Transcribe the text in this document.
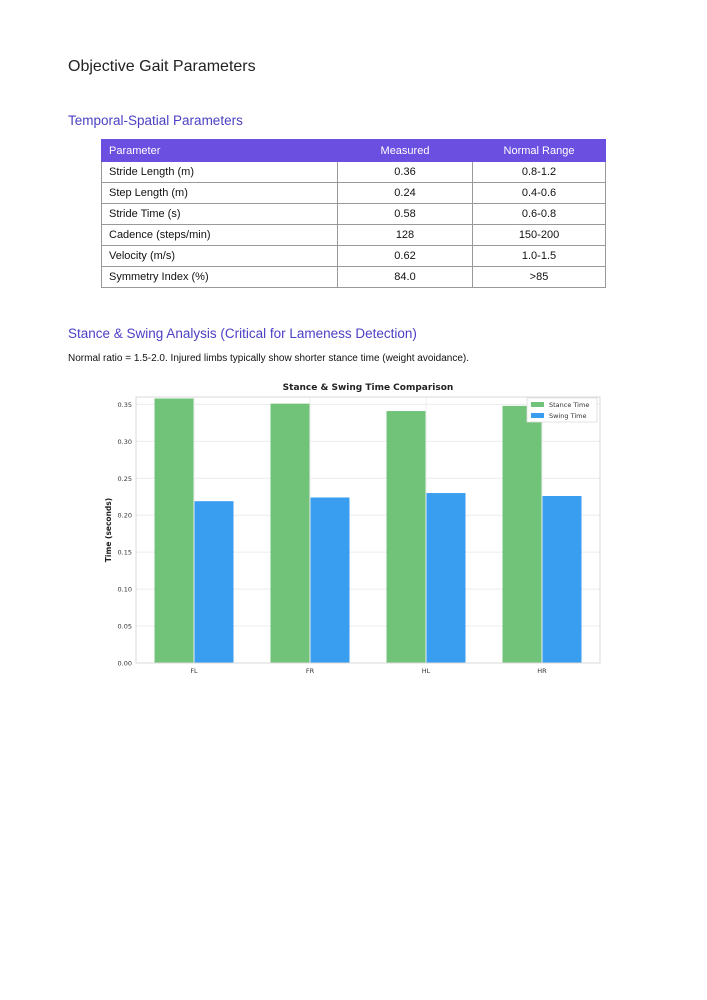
Objective Gait Parameters
Temporal-Spatial Parameters
Parameter	Measured	Normal Range
Stride Length (m)	0.36	0.8-1.2
Step Length (m)	0.24	0.4-0.6
Stride Time (s)	0.58	0.6-0.8
Cadence (steps/min)	128	150-200
Velocity (m/s)	0.62	1.0-1.5
Symmetry Index (%)	84.0	>85
Stance & Swing Analysis (Critical for Lameness Detection)
Normal ratio = 1.5-2.0. Injured limbs typically show shorter stance time (weight avoidance).
0.00
0.05
0.10
0.15
0.20
0.25
0.30
0.35
FL	FR	HL	HR
Stance & Swing Time Comparison
Time (seconds)
Stance Time
Swing Time
